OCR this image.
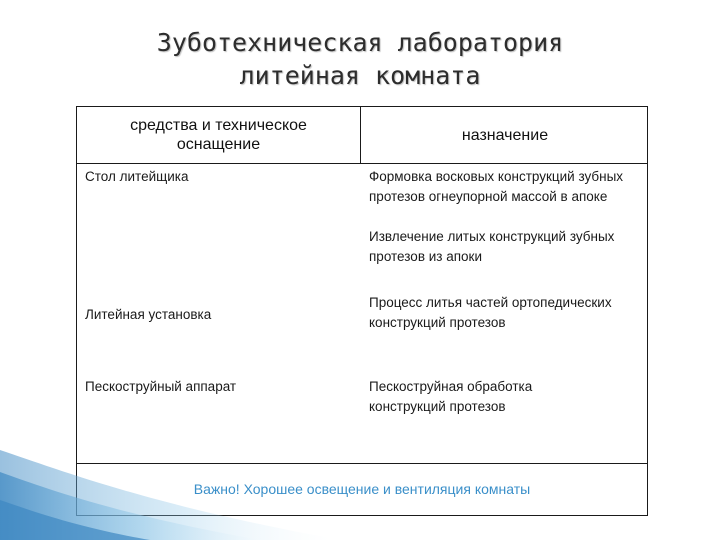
Зуботехническая лаборатория
литейная комната
средства и техническое оснащение
назначение
Стол литейщика	Формовка восковых конструкций зубных протезов огнеупорной массой в апоке
Извлечение литых конструкций зубных протезов из апоки
Литейная установка
Процесс литья частей ортопедических конструкций протезов
Пескоструйный аппарат	Пескоструйная обработка конструкций протезов
Важно! Хорошее освещение и вентиляция комнаты
